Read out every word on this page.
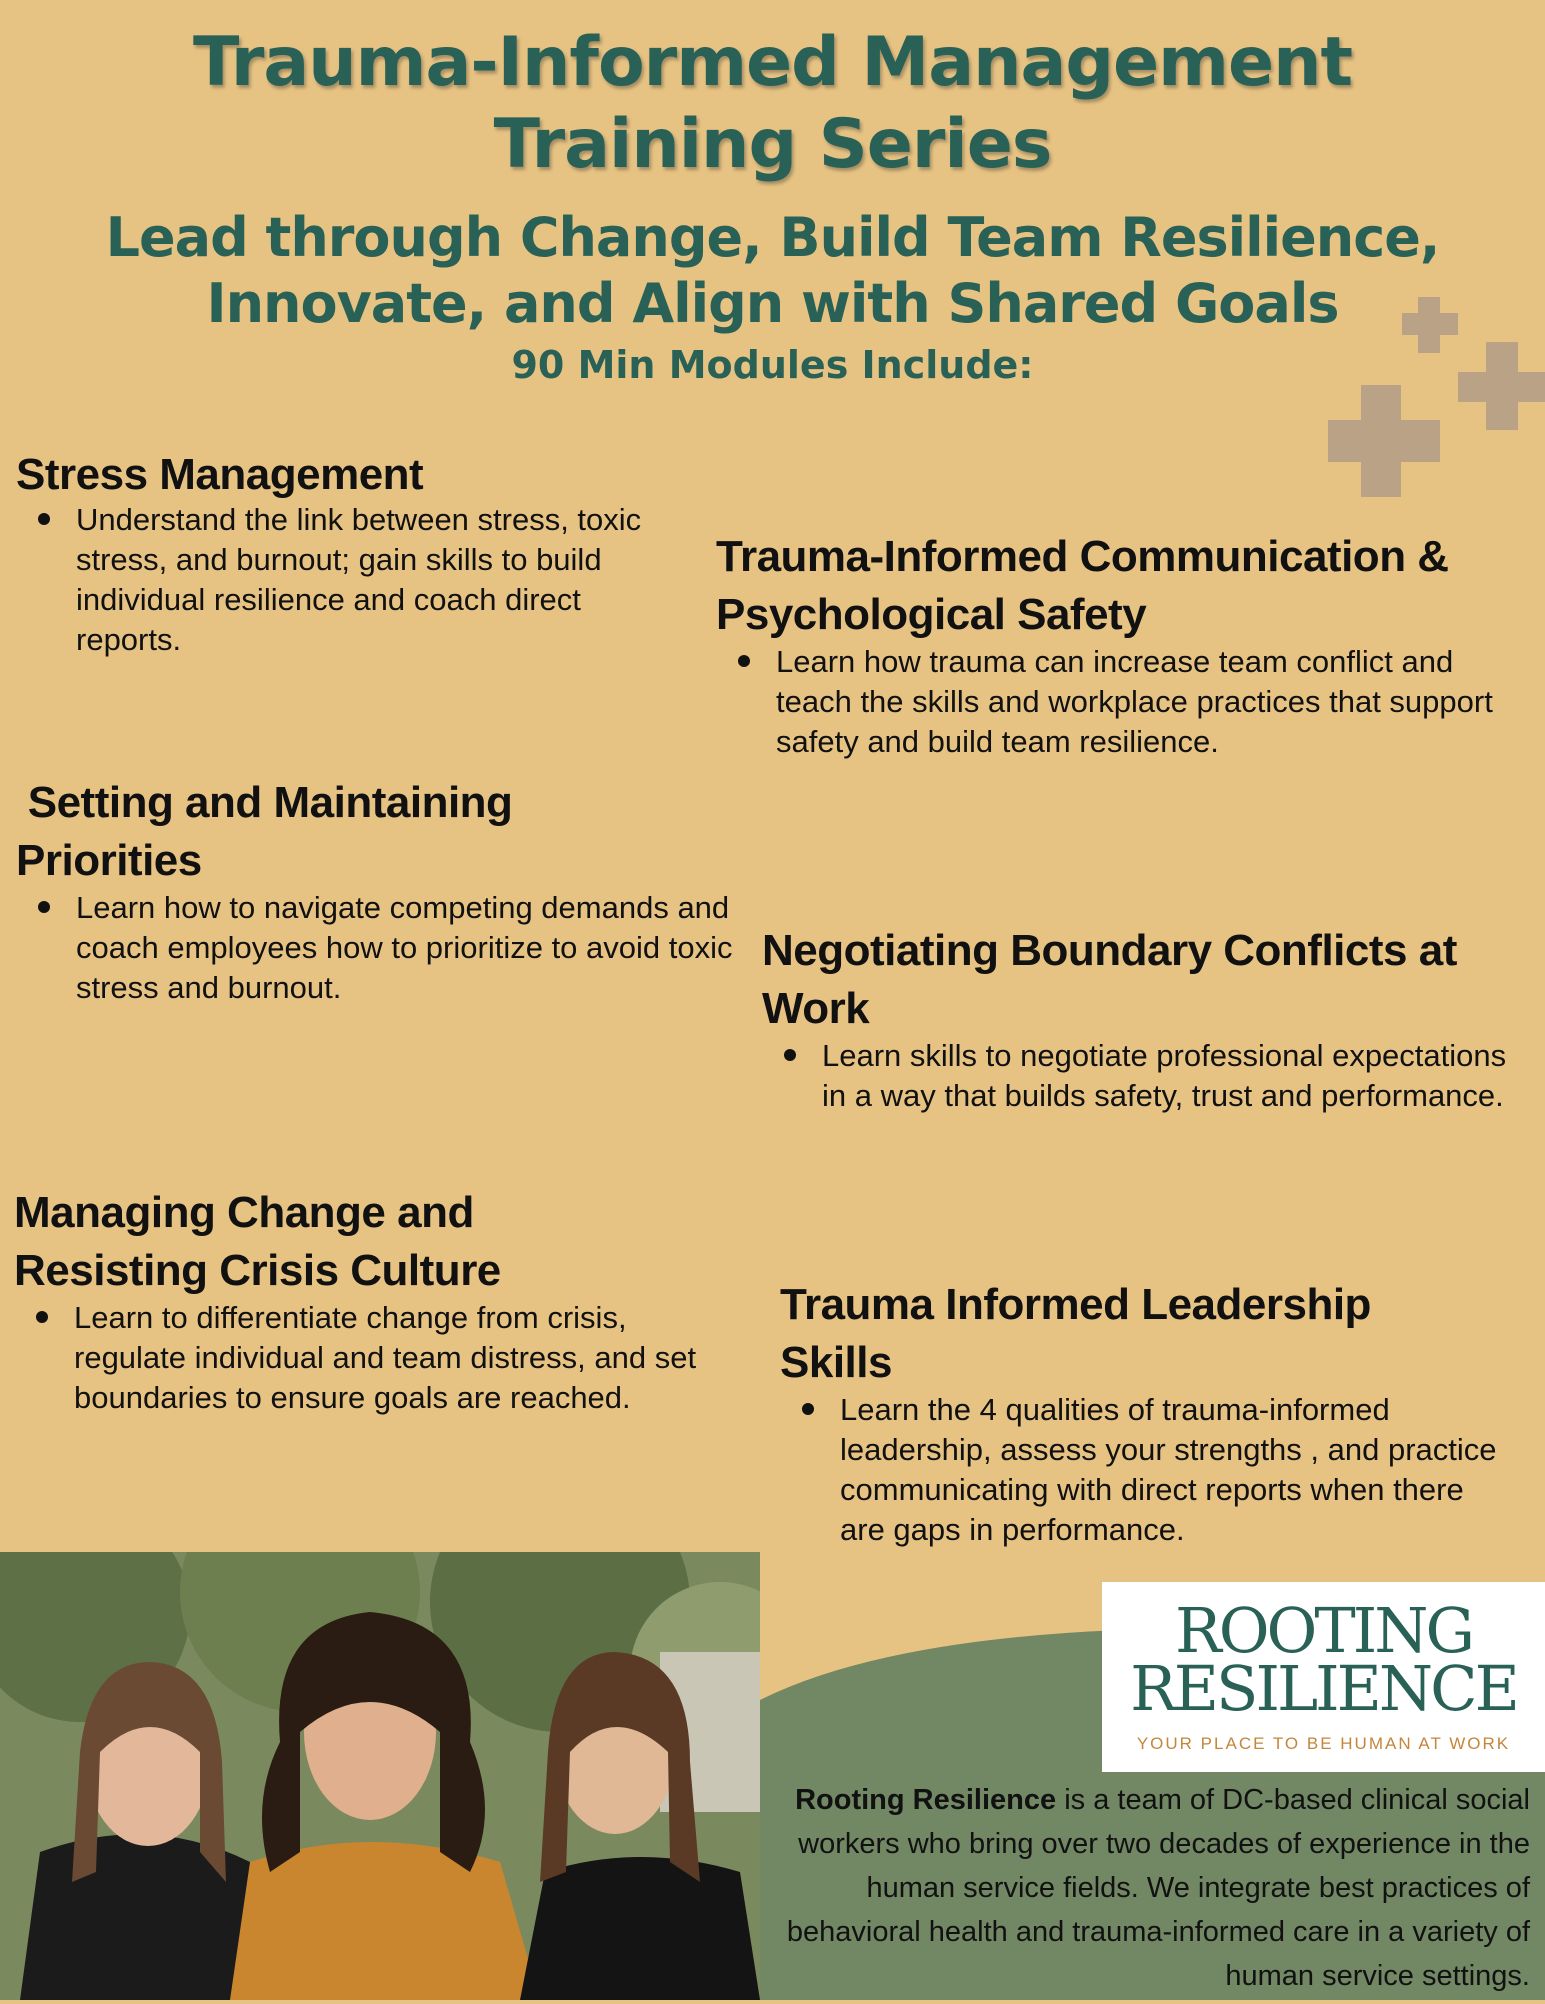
Trauma-Informed Management
Training Series
Lead through Change, Build Team Resilience,
Innovate, and Align with Shared Goals
90 Min Modules Include:
Stress Management
Understand the link between stress, toxic stress, and burnout; gain skills to build individual resilience and coach direct reports.
Trauma-Informed Communication & Psychological Safety
Learn how trauma can increase team conflict and teach the skills and workplace practices that support safety and build team resilience.
Setting and Maintaining Priorities
Learn how to navigate competing demands and coach employees how to prioritize to avoid toxic stress and burnout.
Negotiating Boundary Conflicts at Work
Learn skills to negotiate professional expectations in a way that builds safety, trust and performance.
Managing Change and Resisting Crisis Culture
Learn to differentiate change from crisis, regulate individual and team distress, and set boundaries to ensure goals are reached.
Trauma Informed Leadership Skills
Learn the 4 qualities of trauma-informed leadership, assess your strengths , and practice communicating with direct reports when there are gaps in performance.
ROOTING
RESILIENCE
YOUR PLACE TO BE HUMAN AT WORK
Rooting Resilience is a team of DC-based clinical social workers who bring over two decades of experience in the human service fields. We integrate best practices of behavioral health and trauma-informed care in a variety of human service settings.
